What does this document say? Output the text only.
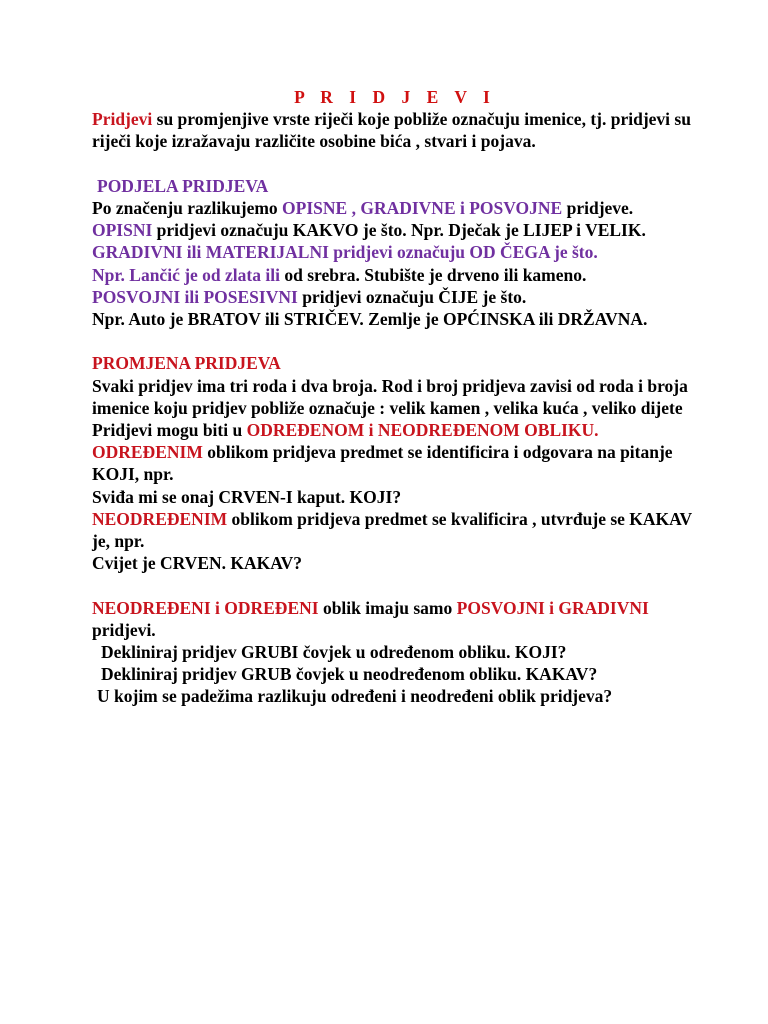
P R I D J E V I

Pridjevi su promjenjive vrste riječi koje pobliže označuju imenice, tj. pridjevi su riječi koje izražavaju različite osobine bića , stvari i pojava.

PODJELA PRIDJEVA

Po značenju razlikujemo OPISNE , GRADIVNE i POSVOJNE pridjeve.

OPISNI pridjevi označuju KAKVO je što. Npr. Dječak je LIJEP i VELIK.

GRADIVNI ili MATERIJALNI pridjevi označuju OD ČEGA je što.

Npr. Lančić je od zlata ili od srebra. Stubište je drveno ili kameno.

POSVOJNI ili POSESIVNI pridjevi označuju ČIJE je što.

Npr. Auto je BRATOV ili STRIČEV. Zemlje je OPĆINSKA ili DRŽAVNA.

PROMJENA PRIDJEVA

Svaki pridjev ima tri roda i dva broja. Rod i broj pridjeva zavisi od roda i broja imenice koju pridjev pobliže označuje : velik kamen , velika kuća , veliko dijete

Pridjevi mogu biti u ODREĐENOM i NEODREĐENOM OBLIKU.

ODREĐENIM oblikom pridjeva predmet se identificira i odgovara na pitanje KOJI, npr.

Sviđa mi se onaj CRVEN-I kaput. KOJI?

NEODREĐENIM oblikom pridjeva predmet se kvalificira , utvrđuje se KAKAV je, npr.

Cvijet je CRVEN. KAKAV?

NEODREĐENI i ODREĐENI oblik imaju samo POSVOJNI i GRADIVNI pridjevi.

Dekliniraj pridjev GRUBI čovjek u određenom obliku. KOJI?

Dekliniraj pridjev GRUB čovjek u neodređenom obliku. KAKAV?

U kojim se padežima razlikuju određeni i neodređeni oblik pridjeva?
